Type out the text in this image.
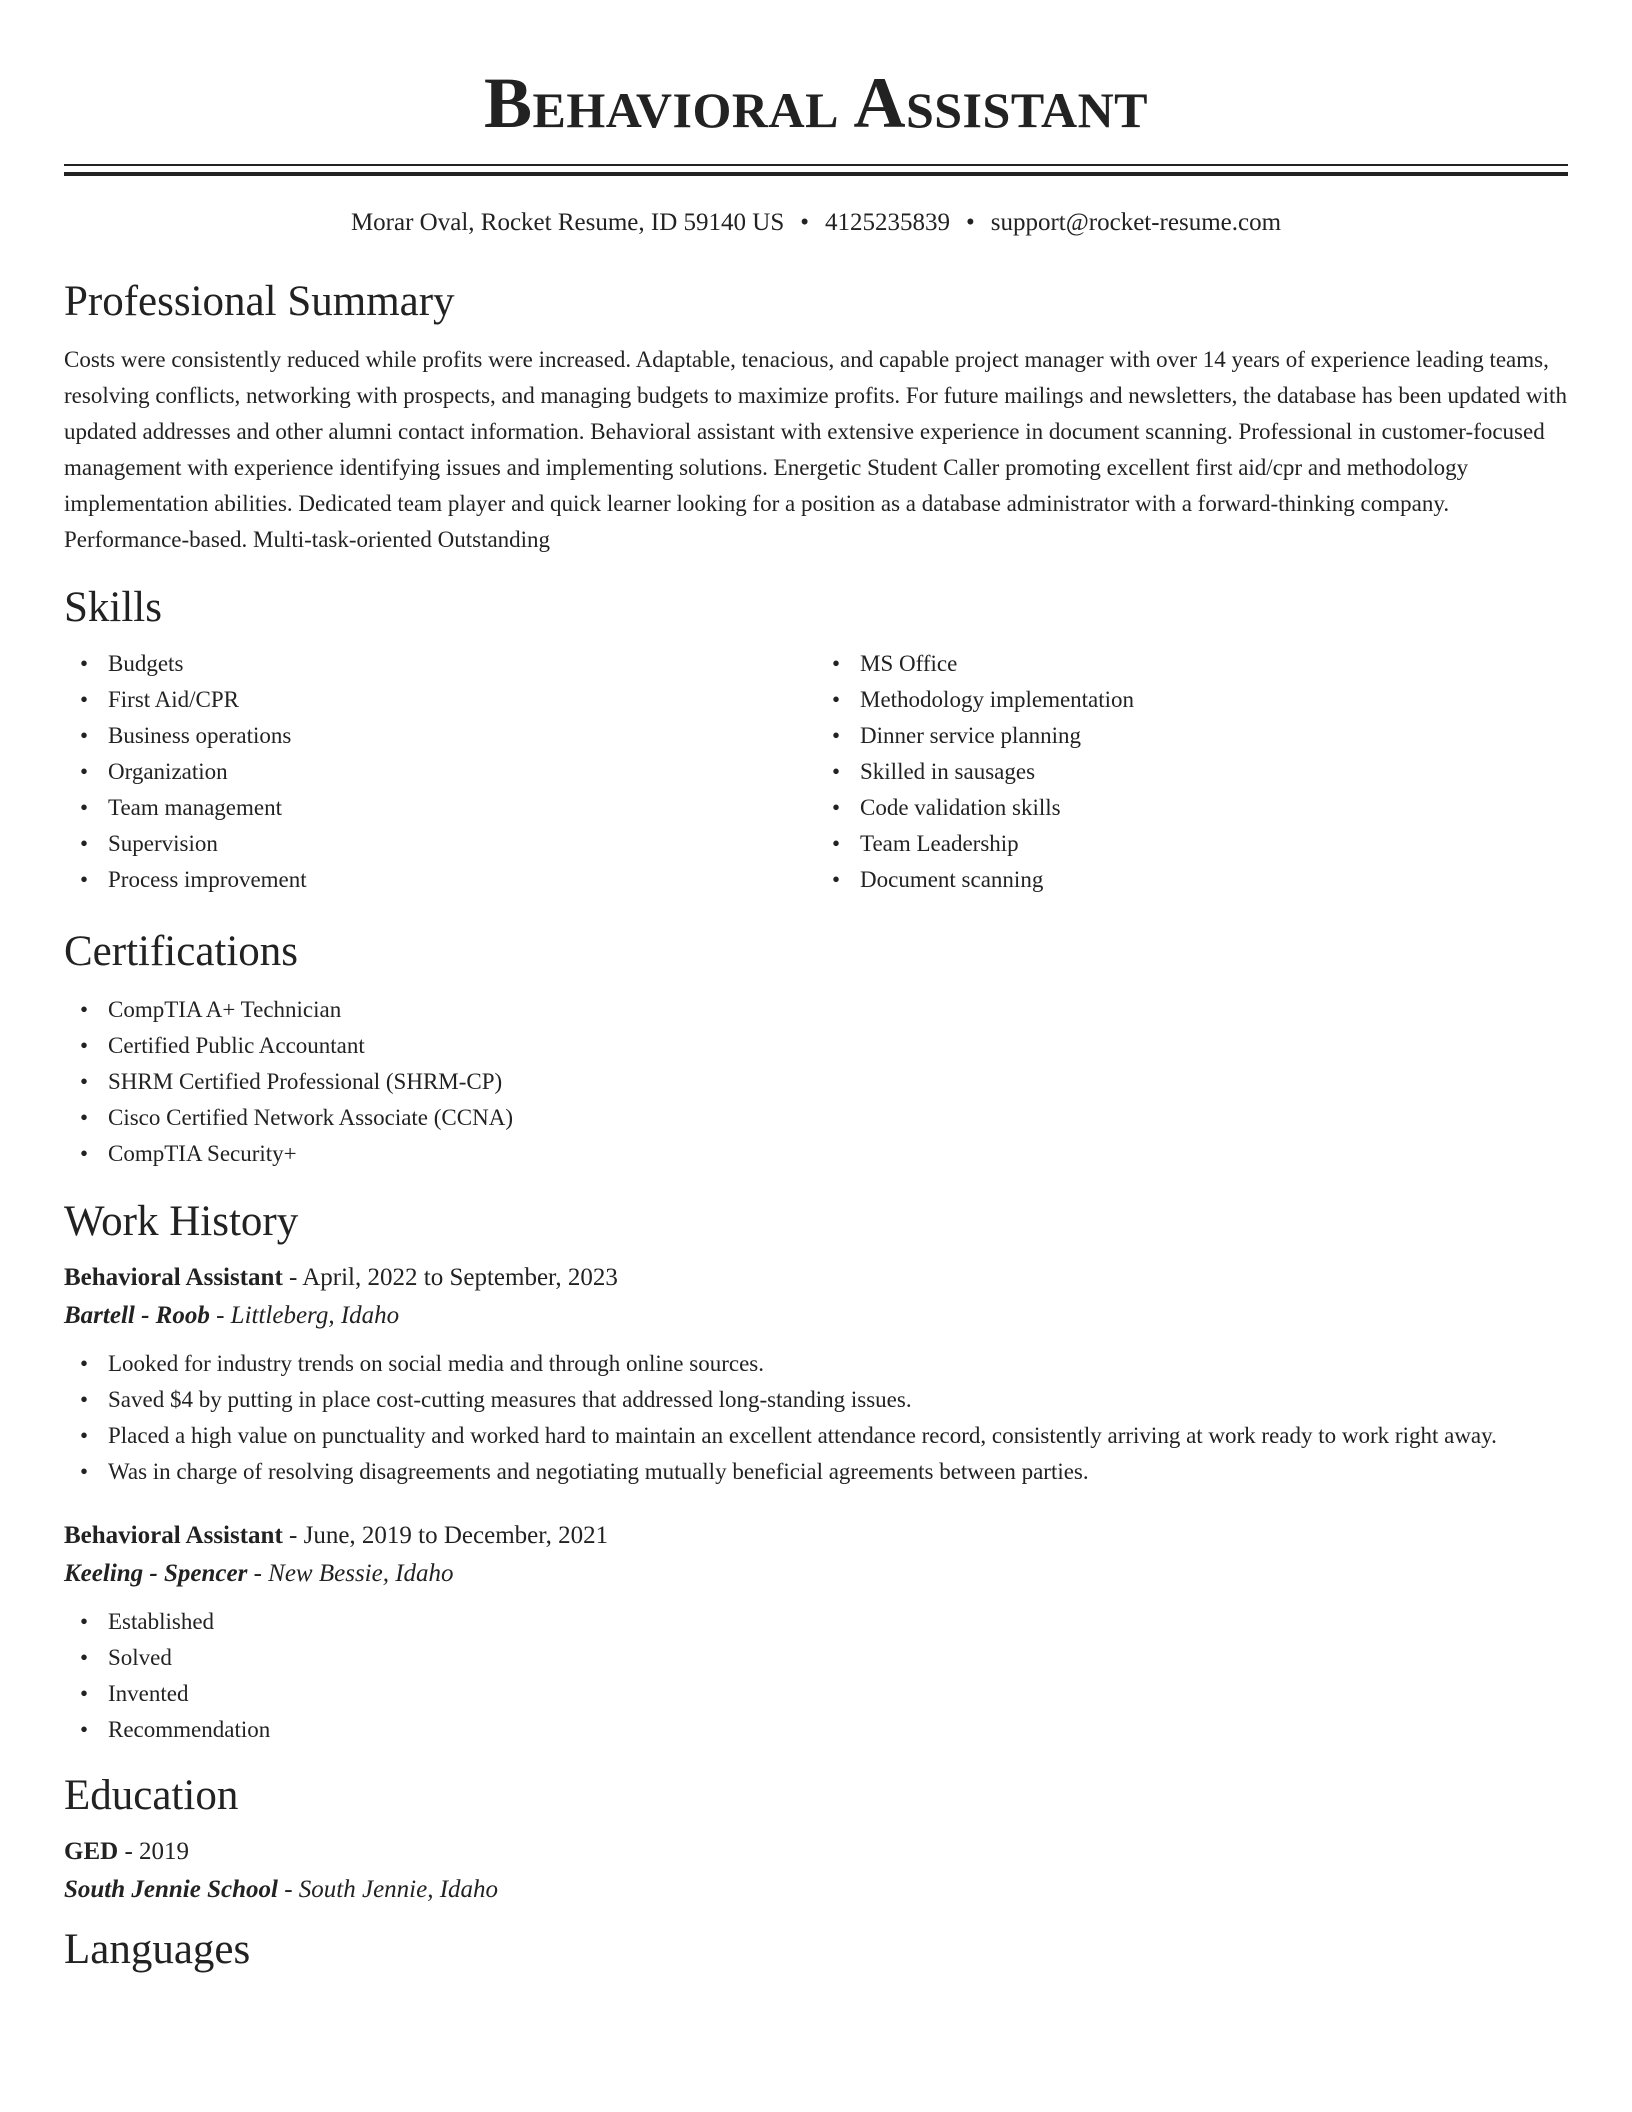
Behavioral Assistant
Morar Oval, Rocket Resume, ID 59140 US • 4125235839 • support@rocket-resume.com
Professional Summary
Costs were consistently reduced while profits were increased. Adaptable, tenacious, and capable project manager with over 14 years of experience leading teams, resolving conflicts, networking with prospects, and managing budgets to maximize profits. For future mailings and newsletters, the database has been updated with updated addresses and other alumni contact information. Behavioral assistant with extensive experience in document scanning. Professional in customer-focused management with experience identifying issues and implementing solutions. Energetic Student Caller promoting excellent first aid/cpr and methodology implementation abilities. Dedicated team player and quick learner looking for a position as a database administrator with a forward-thinking company. Performance-based. Multi-task-oriented Outstanding
Skills
• Budgets
• First Aid/CPR
• Business operations
• Organization
• Team management
• Supervision
• Process improvement
• MS Office
• Methodology implementation
• Dinner service planning
• Skilled in sausages
• Code validation skills
• Team Leadership
• Document scanning
Certifications
• CompTIA A+ Technician
• Certified Public Accountant
• SHRM Certified Professional (SHRM-CP)
• Cisco Certified Network Associate (CCNA)
• CompTIA Security+
Work History
Behavioral Assistant - April, 2022 to September, 2023
Bartell - Roob - Littleberg, Idaho
• Looked for industry trends on social media and through online sources.
• Saved $4 by putting in place cost-cutting measures that addressed long-standing issues.
• Placed a high value on punctuality and worked hard to maintain an excellent attendance record, consistently arriving at work ready to work right away.
• Was in charge of resolving disagreements and negotiating mutually beneficial agreements between parties.
Behavioral Assistant - June, 2019 to December, 2021
Keeling - Spencer - New Bessie, Idaho
• Established
• Solved
• Invented
• Recommendation
Education
GED - 2019
South Jennie School - South Jennie, Idaho
Languages
